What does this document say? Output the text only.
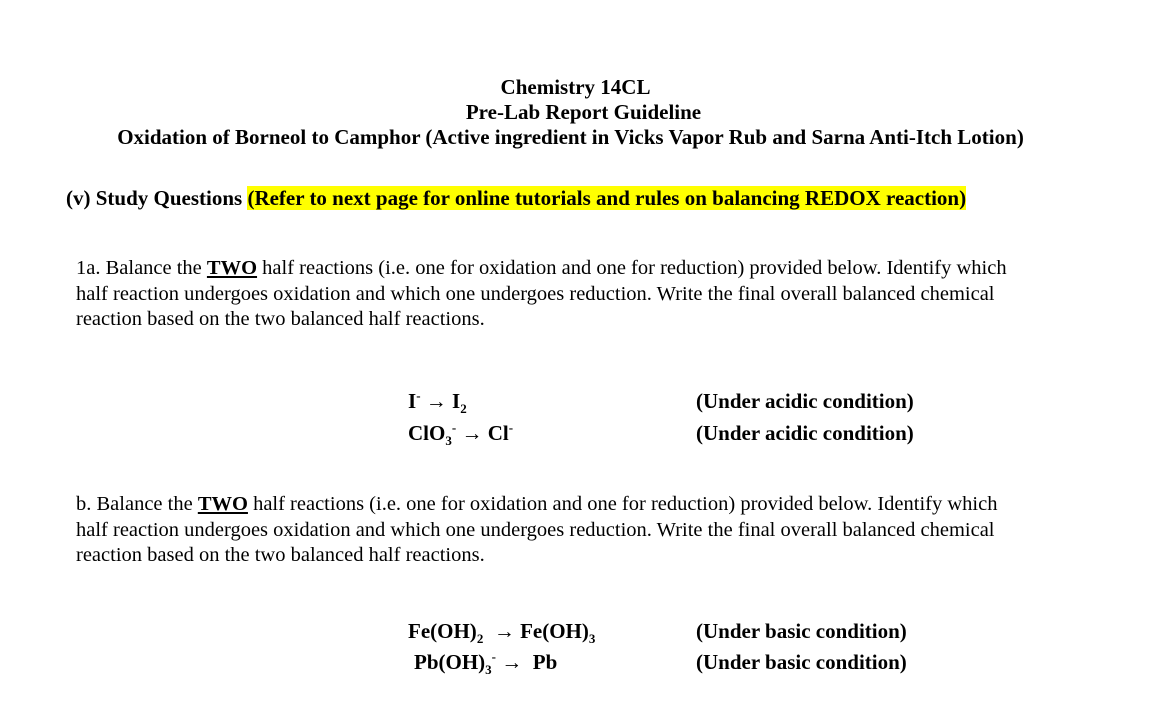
Chemistry 14CL
Pre-Lab Report Guideline
Oxidation of Borneol to Camphor (Active ingredient in Vicks Vapor Rub and Sarna Anti-Itch Lotion)
(v) Study Questions (Refer to next page for online tutorials and rules on balancing REDOX reaction)

1a. Balance the TWO half reactions (i.e. one for oxidation and one for reduction) provided below. Identify which

half reaction undergoes oxidation and which one undergoes reduction. Write the final overall balanced chemical

reaction based on the two balanced half reactions.

$I^- \to I_2$	(Under acidic condition)
ClO$_3$- → Cl-	(Under acidic condition)

b. Balance the TWO half reactions (i.e. one for oxidation and one for reduction) provided below. Identify which

half reaction undergoes oxidation and which one undergoes reduction. Write the final overall balanced chemical

reaction based on the two balanced half reactions.

$Fe(OH)_2 \to Fe(OH)_3$	(Under basic condition)
$Pb(OH)_3^- \to Pb$	(Under basic condition)
